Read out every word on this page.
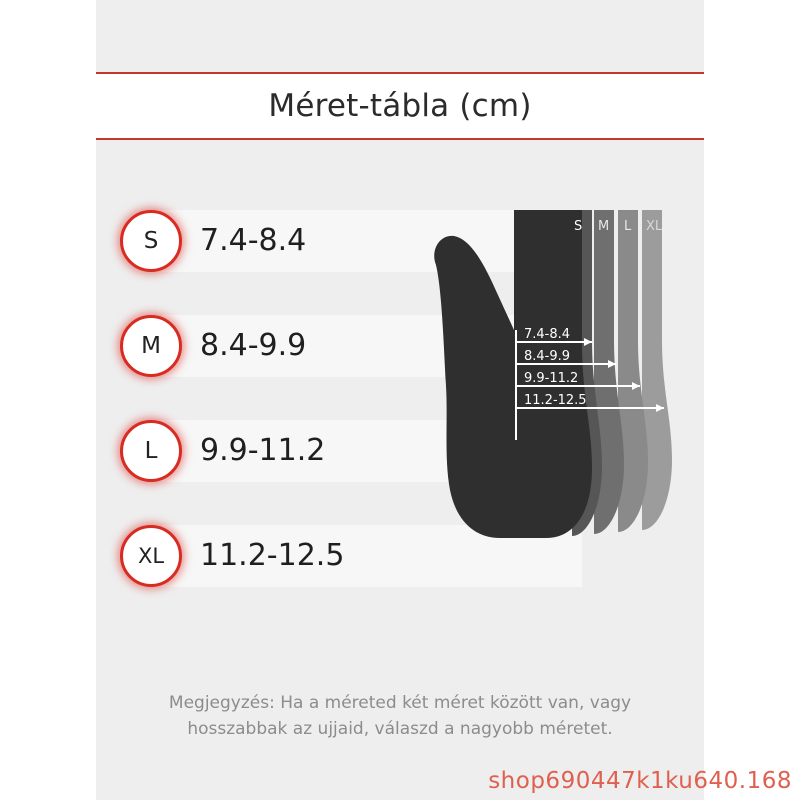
Méret-tábla (cm)
S	7.4-8.4
M	8.4-9.9
L	9.9-11.2
XL	11.2-12.5
7.4-8.4
8.4-9.9
9.9-11.2
11.2-12.5
S M L XL
Megjegyzés: Ha a méreted két méret között van, vagy hosszabbak az ujjaid, válaszd a nagyobb méretet.
shop690447k1ku640.168
